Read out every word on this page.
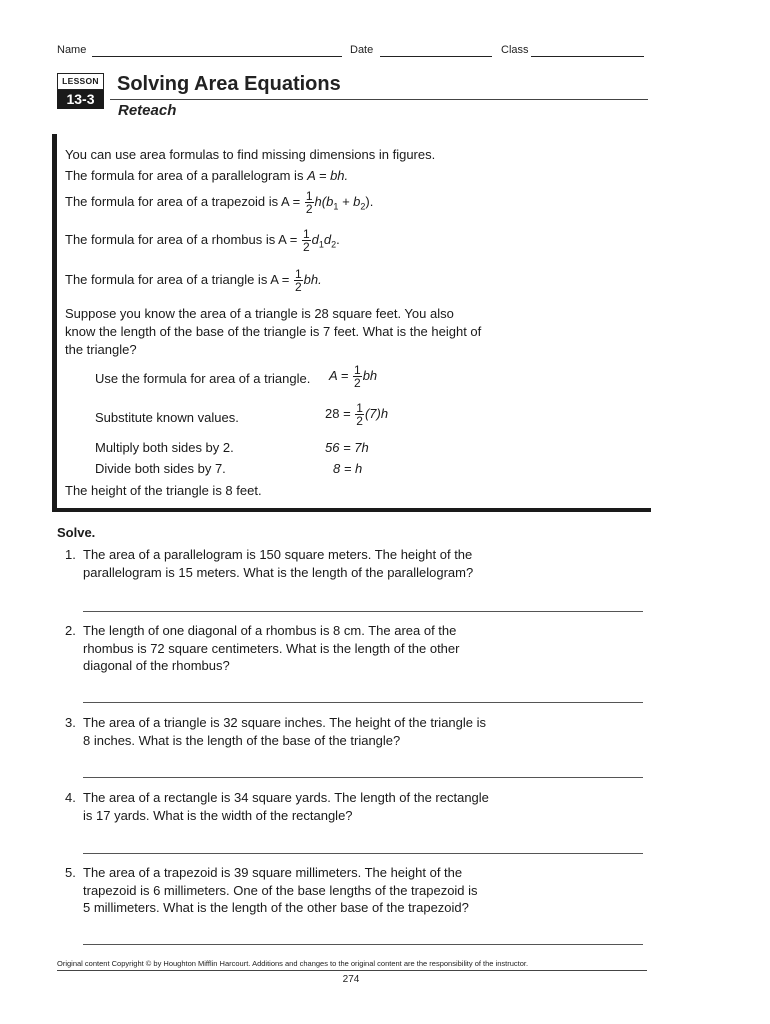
Name	Date	Class
LESSON
13-3
Solving Area Equations
Reteach
You can use area formulas to find missing dimensions in figures.
The formula for area of a parallelogram is A = bh.
The formula for area of a trapezoid is $A = \frac{1}{2} h(b_1 + b_2)$.
The formula for area of a rhombus is $A = \frac{1}{2} d_1d_2$.
The formula for area of a triangle is $A = \frac{1}{2}$ bh.
Suppose you know the area of a triangle is 28 square feet. You also
know the length of the base of the triangle is 7 feet. What is the height of
the triangle?
Use the formula for area of a triangle. $A = \frac{1}{2}$ bh
Substitute known values.	$28 = \frac{1}{2} (7)h$
Multiply both sides by 2.	56 = 7h
Divide both sides by 7.	8 = h
The height of the triangle is 8 feet.
Solve.
1. The area of a parallelogram is 150 square meters. The height of the
parallelogram is 15 meters. What is the length of the parallelogram?
2. The length of one diagonal of a rhombus is 8 cm. The area of the
rhombus is 72 square centimeters. What is the length of the other
diagonal of the rhombus?
3. The area of a triangle is 32 square inches. The height of the triangle is
8 inches. What is the length of the base of the triangle?
4. The area of a rectangle is 34 square yards. The length of the rectangle
is 17 yards. What is the width of the rectangle?
5. The area of a trapezoid is 39 square millimeters. The height of the
trapezoid is 6 millimeters. One of the base lengths of the trapezoid is
5 millimeters. What is the length of the other base of the trapezoid?
Original content Copyright © by Houghton Mifflin Harcourt. Additions and changes to the original content are the responsibility of the instructor.
274
